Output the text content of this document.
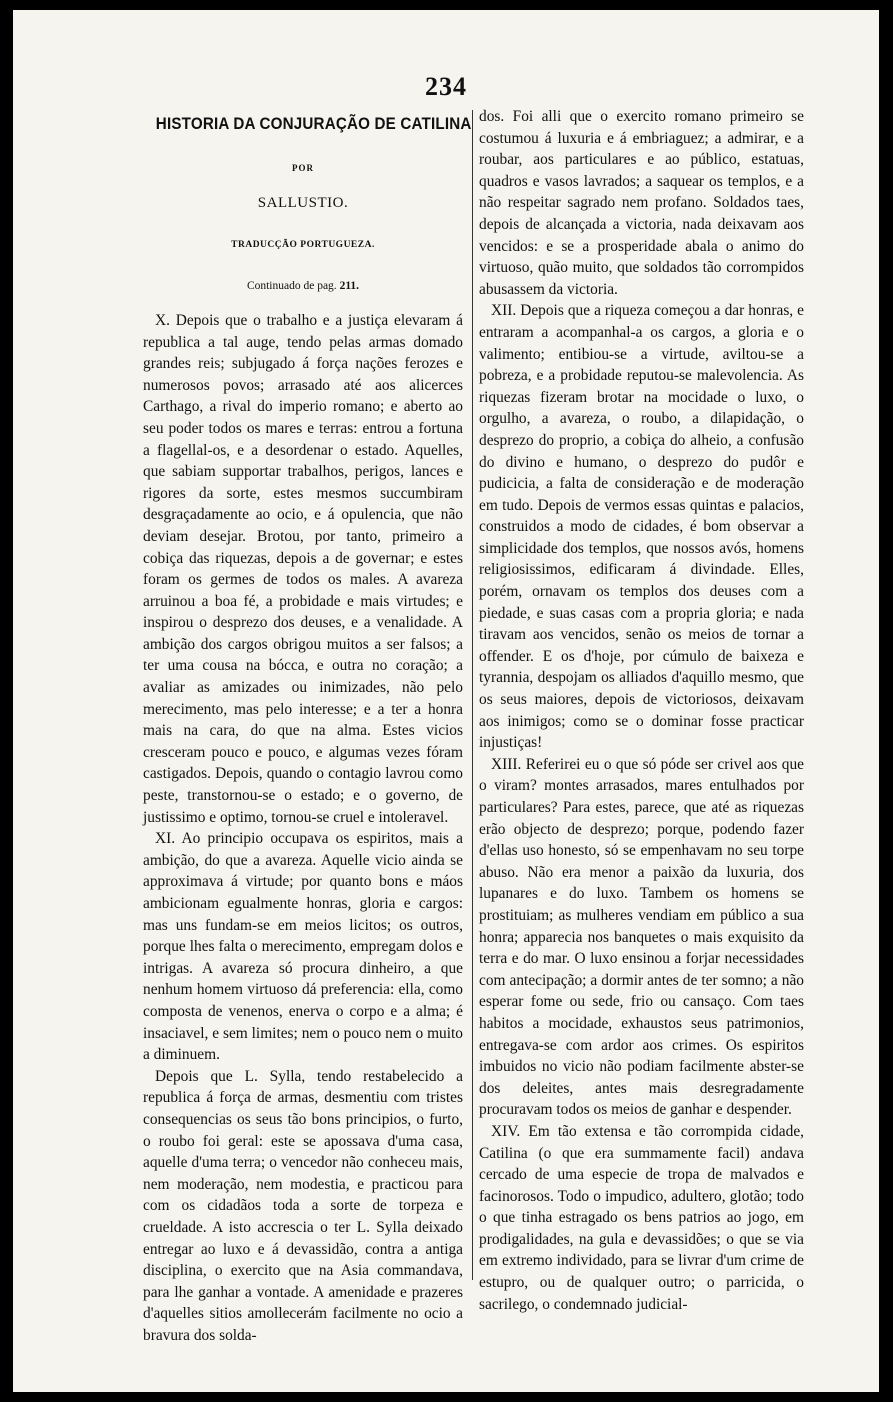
234
HISTORIA DA CONJURAÇÃO DE CATILINA
POR
SALLUSTIO.
TRADUCÇÃO PORTUGUEZA.
Continuado de pag. 211.

X. Depois que o trabalho e a justiça elevaram á republica a tal auge, tendo pelas armas domado grandes reis; subjugado á força nações ferozes e numerosos povos; arrasado até aos alicerces Carthago, a rival do imperio romano; e aberto ao seu poder todos os mares e terras: entrou a fortuna a flagellal-os, e a desordenar o estado. Aquelles, que sabiam supportar trabalhos, perigos, lances e rigores da sorte, estes mesmos succumbiram desgraçadamente ao ocio, e á opulencia, que não deviam desejar. Brotou, por tanto, primeiro a cobiça das riquezas, depois a de governar; e estes foram os germes de todos os males. A avareza arruinou a boa fé, a probidade e mais virtudes; e inspirou o desprezo dos deuses, e a venalidade. A ambição dos cargos obrigou muitos a ser falsos; a ter uma cousa na bócca, e outra no coração; a avaliar as amizades ou inimizades, não pelo merecimento, mas pelo interesse; e a ter a honra mais na cara, do que na alma. Estes vicios cresceram pouco e pouco, e algumas vezes fóram castigados. Depois, quando o contagio lavrou como peste, transtornou-se o estado; e o governo, de justissimo e optimo, tornou-se cruel e intoleravel.

XI. Ao principio occupava os espiritos, mais a ambição, do que a avareza. Aquelle vicio ainda se approximava á virtude; por quanto bons e máos ambicionam egualmente honras, gloria e cargos: mas uns fundam-se em meios licitos; os outros, porque lhes falta o merecimento, empregam dolos e intrigas. A avareza só procura dinheiro, a que nenhum homem virtuoso dá preferencia: ella, como composta de venenos, enerva o corpo e a alma; é insaciavel, e sem limites; nem o pouco nem o muito a diminuem.

Depois que L. Sylla, tendo restabelecido a republica á força de armas, desmentiu com tristes consequencias os seus tão bons principios, o furto, o roubo foi geral: este se apossava d'uma casa, aquelle d'uma terra; o vencedor não conheceu mais, nem moderação, nem modestia, e practicou para com os cidadãos toda a sorte de torpeza e crueldade. A isto accrescia o ter L. Sylla deixado entregar ao luxo e á devassidão, contra a antiga disciplina, o exercito que na Asia commandava, para lhe ganhar a vontade. A amenidade e prazeres d'aquelles sitios amollecerám facilmente no ocio a bravura dos solda-

dos. Foi alli que o exercito romano primeiro se costumou á luxuria e á embriaguez; a admirar, e a roubar, aos particulares e ao público, estatuas, quadros e vasos lavrados; a saquear os templos, e a não respeitar sagrado nem profano. Soldados taes, depois de alcançada a victoria, nada deixavam aos vencidos: e se a prosperidade abala o animo do virtuoso, quão muito, que soldados tão corrompidos abusassem da victoria.

XII. Depois que a riqueza começou a dar honras, e entraram a acompanhal-a os cargos, a gloria e o valimento; entibiou-se a virtude, aviltou-se a pobreza, e a probidade reputou-se malevolencia. As riquezas fizeram brotar na mocidade o luxo, o orgulho, a avareza, o roubo, a dilapidação, o desprezo do proprio, a cobiça do alheio, a confusão do divino e humano, o desprezo do pudôr e pudicicia, a falta de consideração e de moderação em tudo. Depois de vermos essas quintas e palacios, construidos a modo de cidades, é bom observar a simplicidade dos templos, que nossos avós, homens religiosissimos, edificaram á divindade. Elles, porém, ornavam os templos dos deuses com a piedade, e suas casas com a propria gloria; e nada tiravam aos vencidos, senão os meios de tornar a offender. E os d'hoje, por cúmulo de baixeza e tyrannia, despojam os alliados d'aquillo mesmo, que os seus maiores, depois de victoriosos, deixavam aos inimigos; como se o dominar fosse practicar injustiças!

XIII. Referirei eu o que só póde ser crivel aos que o viram? montes arrasados, mares entulhados por particulares? Para estes, parece, que até as riquezas erão objecto de desprezo; porque, podendo fazer d'ellas uso honesto, só se empenhavam no seu torpe abuso. Não era menor a paixão da luxuria, dos lupanares e do luxo. Tambem os homens se prostituiam; as mulheres vendiam em público a sua honra; apparecia nos banquetes o mais exquisito da terra e do mar. O luxo ensinou a forjar necessidades com antecipação; a dormir antes de ter somno; a não esperar fome ou sede, frio ou cansaço. Com taes habitos a mocidade, exhaustos seus patrimonios, entregava-se com ardor aos crimes. Os espiritos imbuidos no vicio não podiam facilmente abster-se dos deleites, antes mais desregradamente procuravam todos os meios de ganhar e despender.

XIV. Em tão extensa e tão corrompida cidade, Catilina (o que era summamente facil) andava cercado de uma especie de tropa de malvados e facinorosos. Todo o impudico, adultero, glotão; todo o que tinha estragado os bens patrios ao jogo, em prodigalidades, na gula e devassidões; o que se via em extremo individado, para se livrar d'um crime de estupro, ou de qualquer outro; o parricida, o sacrilego, o condemnado judicial-
